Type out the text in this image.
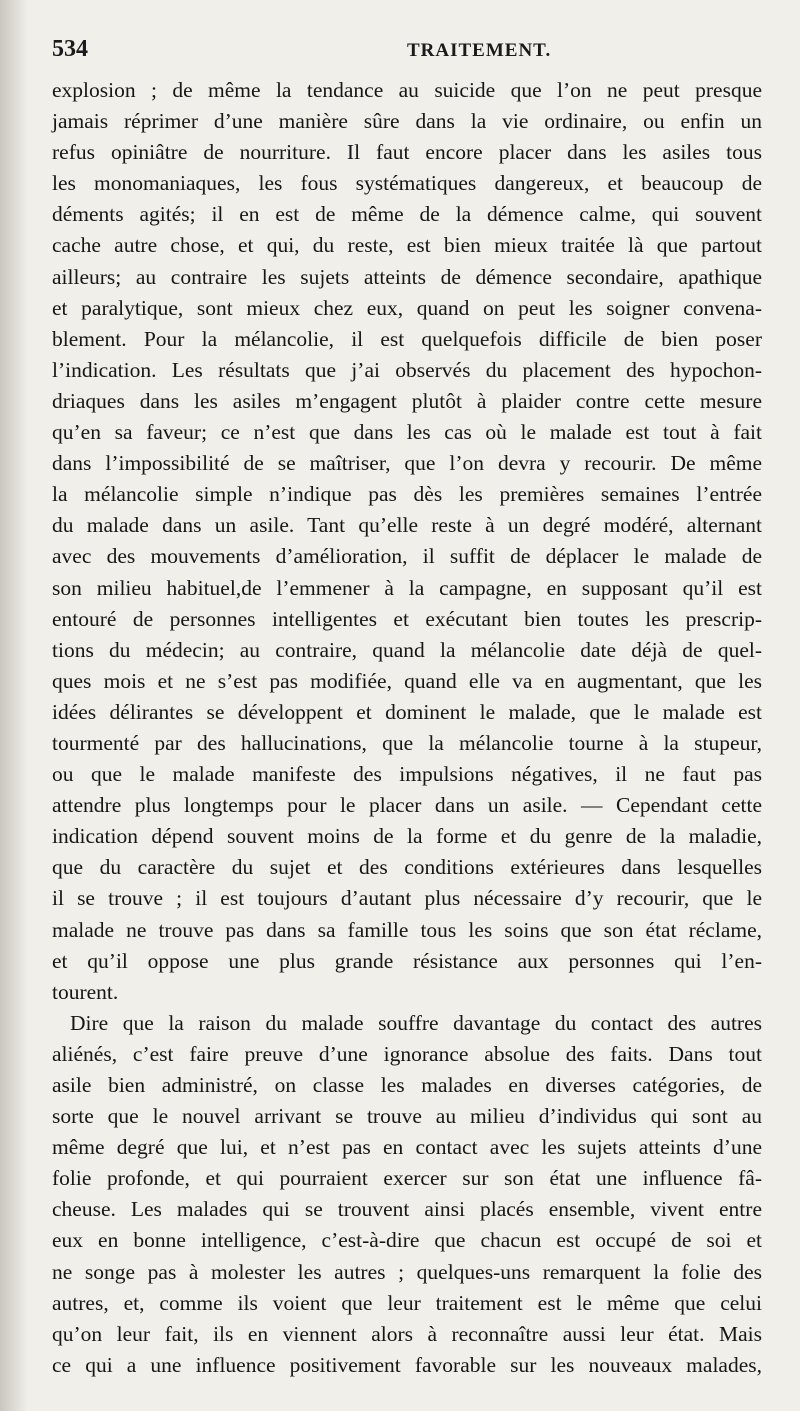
534	TRAITEMENT.
explosion ; de même la tendance au suicide que l’on ne peut presque
jamais réprimer d’une manière sûre dans la vie ordinaire, ou enfin un
refus opiniâtre de nourriture. Il faut encore placer dans les asiles tous
les monomaniaques, les fous systématiques dangereux, et beaucoup de
déments agités; il en est de même de la démence calme, qui souvent
cache autre chose, et qui, du reste, est bien mieux traitée là que partout
ailleurs; au contraire les sujets atteints de démence secondaire, apathique
et paralytique, sont mieux chez eux, quand on peut les soigner convena-
blement. Pour la mélancolie, il est quelquefois difficile de bien poser
l’indication. Les résultats que j’ai observés du placement des hypochon-
driaques dans les asiles m’engagent plutôt à plaider contre cette mesure
qu’en sa faveur; ce n’est que dans les cas où le malade est tout à fait
dans l’impossibilité de se maîtriser, que l’on devra y recourir. De même
la mélancolie simple n’indique pas dès les premières semaines l’entrée
du malade dans un asile. Tant qu’elle reste à un degré modéré, alternant
avec des mouvements d’amélioration, il suffit de déplacer le malade de
son milieu habituel,de l’emmener à la campagne, en supposant qu’il est
entouré de personnes intelligentes et exécutant bien toutes les prescrip-
tions du médecin; au contraire, quand la mélancolie date déjà de quel-
ques mois et ne s’est pas modifiée, quand elle va en augmentant, que les
idées délirantes se développent et dominent le malade, que le malade est
tourmenté par des hallucinations, que la mélancolie tourne à la stupeur,
ou que le malade manifeste des impulsions négatives, il ne faut pas
attendre plus longtemps pour le placer dans un asile. — Cependant cette
indication dépend souvent moins de la forme et du genre de la maladie,
que du caractère du sujet et des conditions extérieures dans lesquelles
il se trouve ; il est toujours d’autant plus nécessaire d’y recourir, que le
malade ne trouve pas dans sa famille tous les soins que son état réclame,
et qu’il oppose une plus grande résistance aux personnes qui l’en-
tourent.
Dire que la raison du malade souffre davantage du contact des autres
aliénés, c’est faire preuve d’une ignorance absolue des faits. Dans tout
asile bien administré, on classe les malades en diverses catégories, de
sorte que le nouvel arrivant se trouve au milieu d’individus qui sont au
même degré que lui, et n’est pas en contact avec les sujets atteints d’une
folie profonde, et qui pourraient exercer sur son état une influence fâ-
cheuse. Les malades qui se trouvent ainsi placés ensemble, vivent entre
eux en bonne intelligence, c’est-à-dire que chacun est occupé de soi et
ne songe pas à molester les autres ; quelques-uns remarquent la folie des
autres, et, comme ils voient que leur traitement est le même que celui
qu’on leur fait, ils en viennent alors à reconnaître aussi leur état. Mais
ce qui a une influence positivement favorable sur les nouveaux malades,
